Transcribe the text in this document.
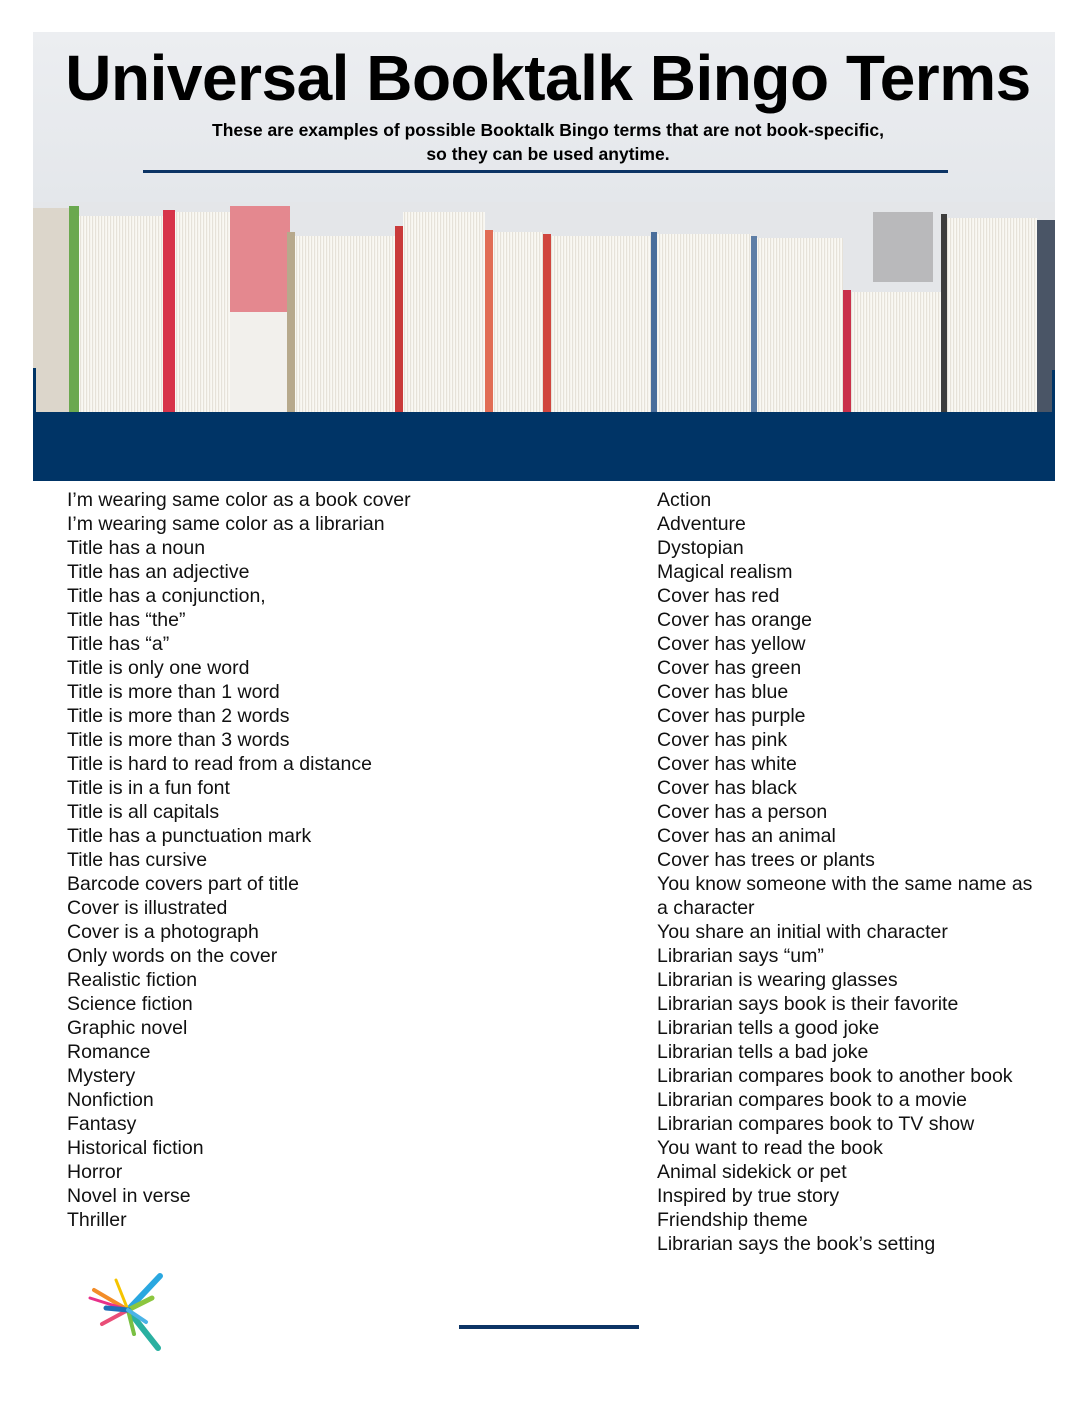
Universal Booktalk Bingo Terms
These are examples of possible Booktalk Bingo terms that are not book-specific,
so they can be used anytime.
I’m wearing same color as a book cover
I’m wearing same color as a librarian
Title has a noun
Title has an adjective
Title has a conjunction,
Title has “the”
Title has “a”
Title is only one word
Title is more than 1 word
Title is more than 2 words
Title is more than 3 words
Title is hard to read from a distance
Title is in a fun font
Title is all capitals
Title has a punctuation mark
Title has cursive
Barcode covers part of title
Cover is illustrated
Cover is a photograph
Only words on the cover
Realistic fiction
Science fiction
Graphic novel
Romance
Mystery
Nonfiction
Fantasy
Historical fiction
Horror
Novel in verse
Thriller
Action
Adventure
Dystopian
Magical realism
Cover has red
Cover has orange
Cover has yellow
Cover has green
Cover has blue
Cover has purple
Cover has pink
Cover has white
Cover has black
Cover has a person
Cover has an animal
Cover has trees or plants
You know someone with the same name as
a character
You share an initial with character
Librarian says “um”
Librarian is wearing glasses
Librarian says book is their favorite
Librarian tells a good joke
Librarian tells a bad joke
Librarian compares book to another book
Librarian compares book to a movie
Librarian compares book to TV show
You want to read the book
Animal sidekick or pet
Inspired by true story
Friendship theme
Librarian says the book’s setting
